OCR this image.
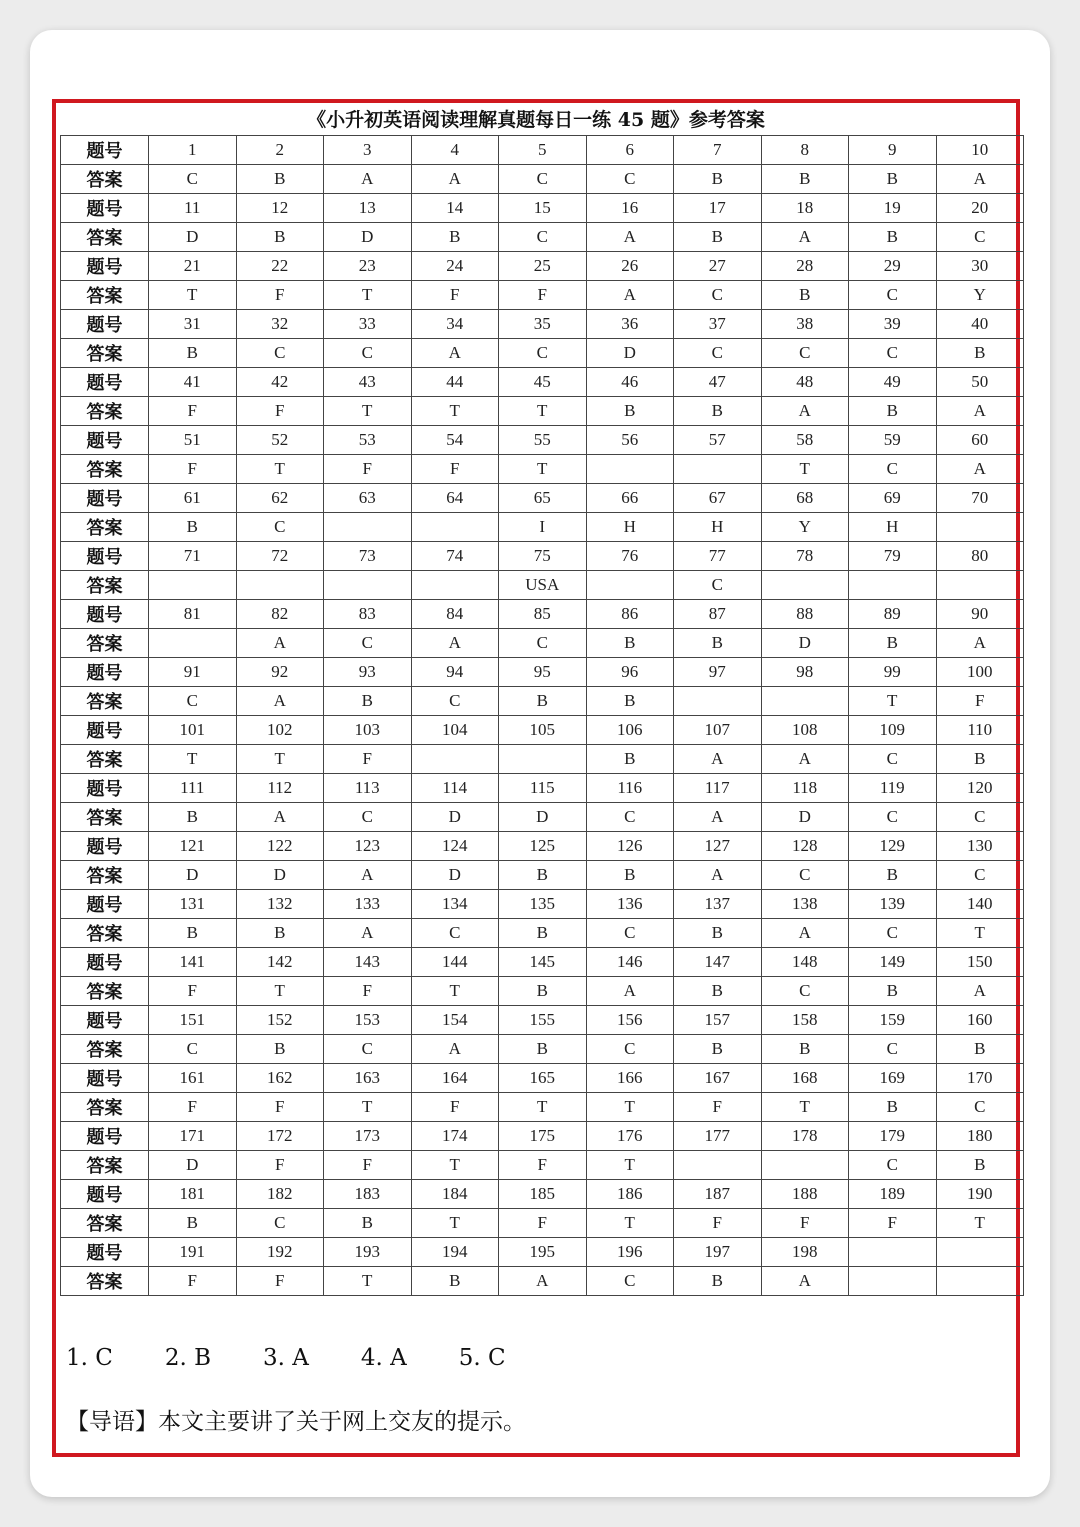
《小升初英语阅读理解真题每日一练 45 题》参考答案
题号	1	2	3	4	5	6	7	8	9	10
答案	C	B	A	A	C	C	B	B	B	A
题号	11	12	13	14	15	16	17	18	19	20
答案	D	B	D	B	C	A	B	A	B	C
题号	21	22	23	24	25	26	27	28	29	30
答案	T	F	T	F	F	A	C	B	C	Y
题号	31	32	33	34	35	36	37	38	39	40
答案	B	C	C	A	C	D	C	C	C	B
题号	41	42	43	44	45	46	47	48	49	50
答案	F	F	T	T	T	B	B	A	B	A
题号	51	52	53	54	55	56	57	58	59	60
答案	F	T	F	F	T			T	C	A
题号	61	62	63	64	65	66	67	68	69	70
答案	B	C			I	H	H	Y	H	
题号	71	72	73	74	75	76	77	78	79	80
答案					USA		C			
题号	81	82	83	84	85	86	87	88	89	90
答案		A	C	A	C	B	B	D	B	A
题号	91	92	93	94	95	96	97	98	99	100
答案	C	A	B	C	B	B			T	F
题号	101	102	103	104	105	106	107	108	109	110
答案	T	T	F			B	A	A	C	B
题号	111	112	113	114	115	116	117	118	119	120
答案	B	A	C	D	D	C	A	D	C	C
题号	121	122	123	124	125	126	127	128	129	130
答案	D	D	A	D	B	B	A	C	B	C
题号	131	132	133	134	135	136	137	138	139	140
答案	B	B	A	C	B	C	B	A	C	T
题号	141	142	143	144	145	146	147	148	149	150
答案	F	T	F	T	B	A	B	C	B	A
题号	151	152	153	154	155	156	157	158	159	160
答案	C	B	C	A	B	C	B	B	C	B
题号	161	162	163	164	165	166	167	168	169	170
答案	F	F	T	F	T	T	F	T	B	C
题号	171	172	173	174	175	176	177	178	179	180
答案	D	F	F	T	F	T			C	B
题号	181	182	183	184	185	186	187	188	189	190
答案	B	C	B	T	F	T	F	F	F	T
题号	191	192	193	194	195	196	197	198		
答案	F	F	T	B	A	C	B	A		
1. C 2. B 3. A 4. A 5. C
【导语】本文主要讲了关于网上交友的提示。
